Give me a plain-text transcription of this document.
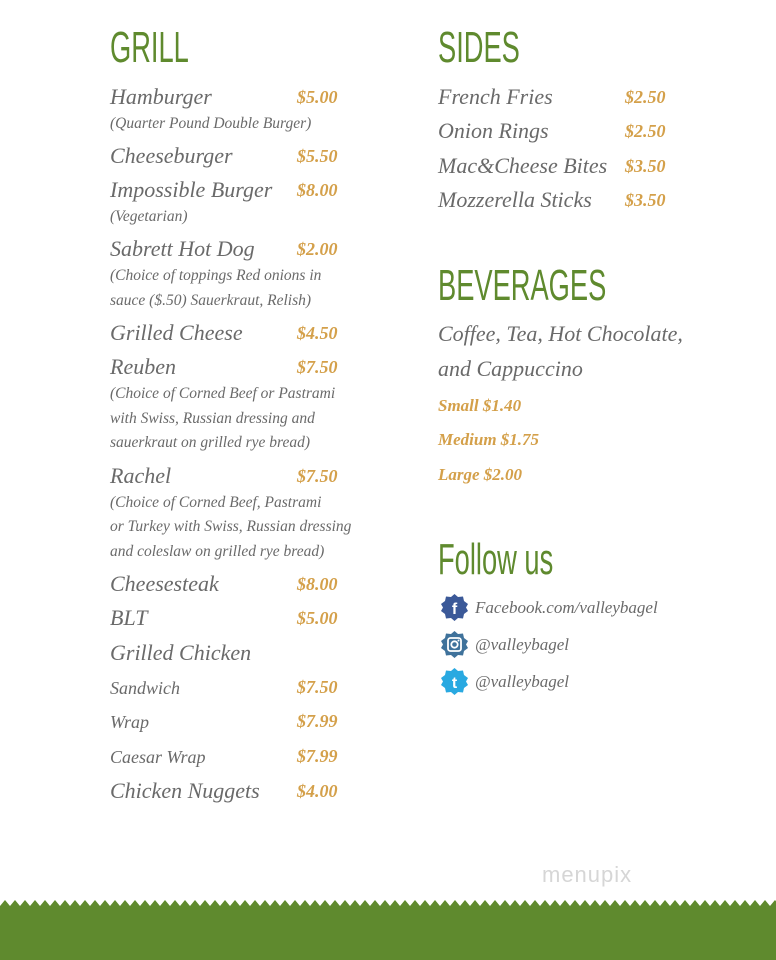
GRILL
Hamburger	$5.00
(Quarter Pound Double Burger)
Cheeseburger	$5.50
Impossible Burger $8.00
(Vegetarian)
Sabrett Hot Dog $2.00
(Choice of toppings Red onions in
sauce ($.50) Sauerkraut, Relish)
Grilled Cheese	$4.50
Reuben	$7.50
(Choice of Corned Beef or Pastrami
with Swiss, Russian dressing and
sauerkraut on grilled rye bread)
Rachel	$7.50
(Choice of Corned Beef, Pastrami
or Turkey with Swiss, Russian dressing
and coleslaw on grilled rye bread)
Cheesesteak	$8.00
BLT	$5.00
Grilled Chicken
Sandwich	$7.50
Wrap	$7.99
Caesar Wrap	$7.99
Chicken Nuggets $4.00
SIDES
French Fries	$2.50
Onion Rings	$2.50
Mac&Cheese Bites $3.50
Mozzerella Sticks $3.50
BEVERAGES
Coffee, Tea, Hot Chocolate,
and Cappuccino
Small $1.40
Medium $1.75
Large $2.00
Follow us
f Facebook.com/valleybagel
@valleybagel
t @valleybagel
menupix
